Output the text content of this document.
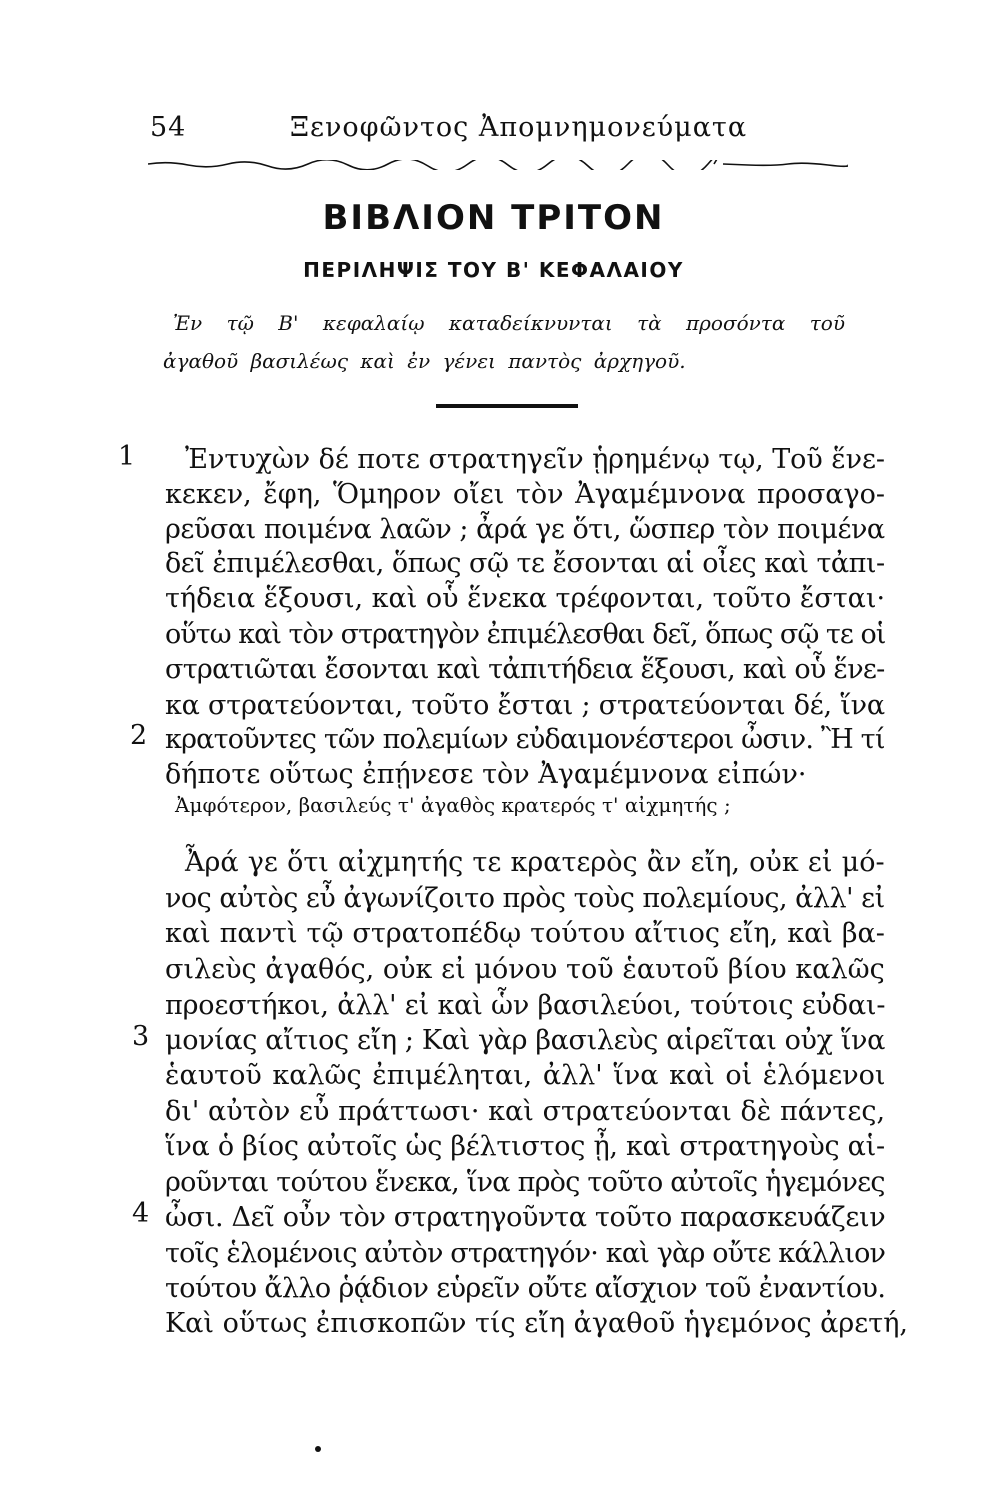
54	Ξενοφῶντος Ἀπομνημονεύματα
ΒΙΒΛΙΟΝ ΤΡΙΤΟΝ
ΠΕΡΙΛΗΨΙΣ ΤΟΥ Β' ΚΕΦΑΛΑΙΟΥ
Ἐν τῷ Β' κεφαλαίῳ καταδείκνυνται τὰ προσόντα τοῦ
ἀγαθοῦ βασιλέως καὶ ἐν γένει παντὸς ἀρχηγοῦ.
Ἐντυχὼν δέ ποτε στρατηγεῖν ᾑρημένῳ τῳ, Τοῦ ἕνε-
κεκεν, ἔφη, Ὅμηρον οἴει τὸν Ἀγαμέμνονα προσαγο-
ρεῦσαι ποιμένα λαῶν ; ἆρά γε ὅτι, ὥσπερ τὸν ποιμένα
δεῖ ἐπιμέλεσθαι, ὅπως σῷ τε ἔσονται αἱ οἶες καὶ τἀπι-
τήδεια ἕξουσι, καὶ οὗ ἕνεκα τρέφονται, τοῦτο ἔσται·
οὕτω καὶ τὸν στρατηγὸν ἐπιμέλεσθαι δεῖ, ὅπως σῷ τε οἱ
στρατιῶται ἔσονται καὶ τἀπιτήδεια ἕξουσι, καὶ οὗ ἕνε-
κα στρατεύονται, τοῦτο ἔσται ; στρατεύονται δέ, ἵνα
κρατοῦντες τῶν πολεμίων εὐδαιμονέστεροι ὦσιν. Ἢ τί
δήποτε οὕτως ἐπῄνεσε τὸν Ἀγαμέμνονα εἰπών·
Ἆρά γε ὅτι αἰχμητής τε κρατερὸς ἂν εἴη, οὐκ εἰ μό-
νος αὐτὸς εὖ ἀγωνίζοιτο πρὸς τοὺς πολεμίους, ἀλλ' εἰ
καὶ παντὶ τῷ στρατοπέδῳ τούτου αἴτιος εἴη, καὶ βα-
σιλεὺς ἀγαθός, οὐκ εἰ μόνου τοῦ ἑαυτοῦ βίου καλῶς
προεστήκοι, ἀλλ' εἰ καὶ ὧν βασιλεύοι, τούτοις εὐδαι-
μονίας αἴτιος εἴη ; Καὶ γὰρ βασιλεὺς αἱρεῖται οὐχ ἵνα
ἑαυτοῦ καλῶς ἐπιμέληται, ἀλλ' ἵνα καὶ οἱ ἑλόμενοι
δι' αὐτὸν εὖ πράττωσι· καὶ στρατεύονται δὲ πάντες,
ἵνα ὁ βίος αὐτοῖς ὡς βέλτιστος ᾖ, καὶ στρατηγοὺς αἱ-
ροῦνται τούτου ἕνεκα, ἵνα πρὸς τοῦτο αὐτοῖς ἡγεμόνες
ὦσι. Δεῖ οὖν τὸν στρατηγοῦντα τοῦτο παρασκευάζειν
τοῖς ἑλομένοις αὐτὸν στρατηγόν· καὶ γὰρ οὔτε κάλλιον
τούτου ἄλλο ῥᾴδιον εὑρεῖν οὔτε αἴσχιον τοῦ ἐναντίου.
Καὶ οὕτως ἐπισκοπῶν τίς εἴη ἀγαθοῦ ἡγεμόνος ἀρετή,
Ἀμφότερον, βασιλεύς τ' ἀγαθὸς κρατερός τ' αἰχμητής ;
1
2
3
4
